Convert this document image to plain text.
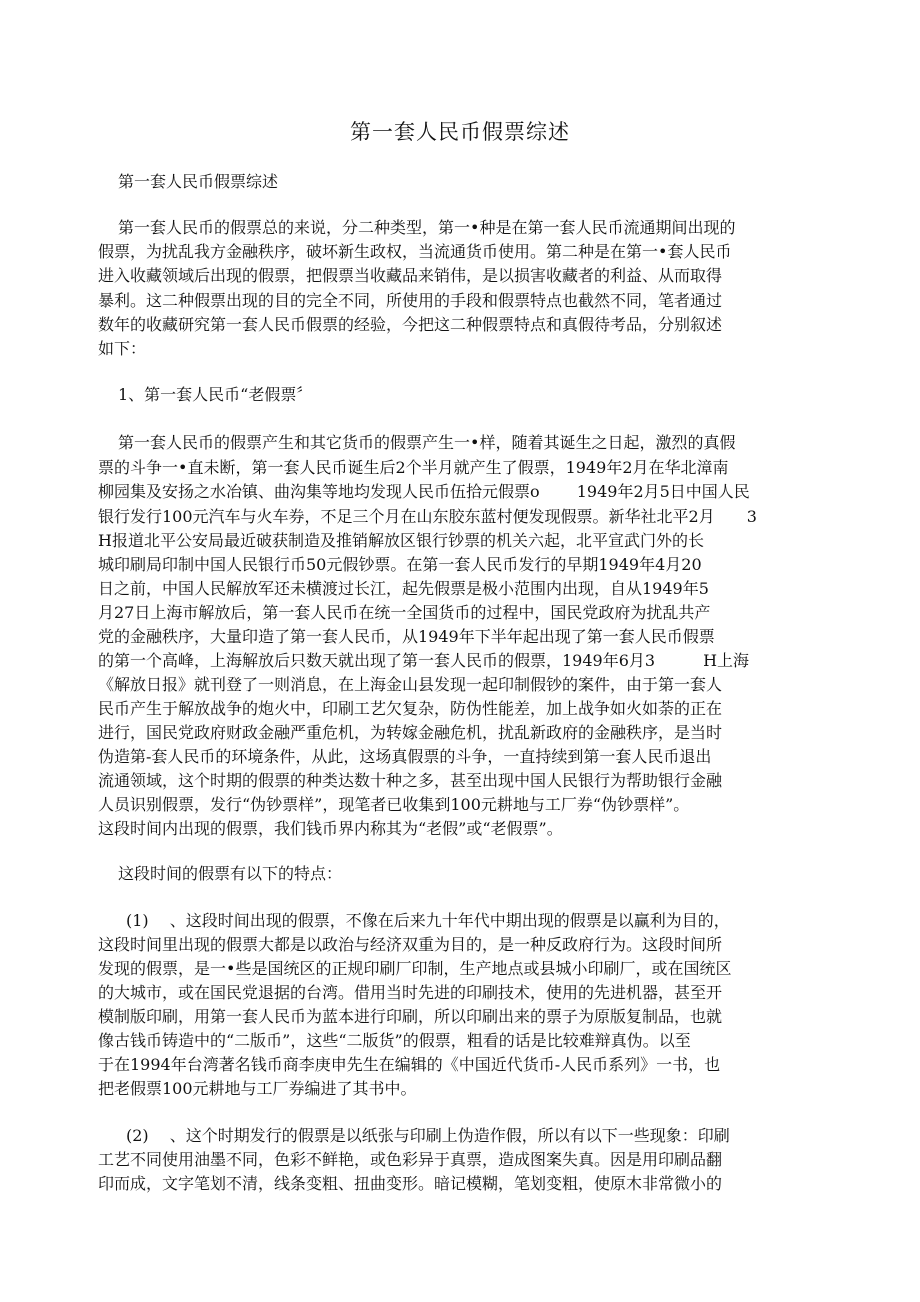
第一套人民币假票综述
第一套人民币假票综述
第一套人民币的假票总的来说，分二种类型，第一•种是在第一套人民币流通期间出现的
假票，为扰乱我方金融秩序，破坏新生政权，当流通货币使用。第二种是在第一•套人民币
进入收藏领域后出现的假票，把假票当收藏品来销伟，是以损害收藏者的利益、从而取得
暴利。这二种假票出现的目的完全不同，所使用的手段和假票特点也截然不同，笔者通过
数年的收藏研究第一套人民币假票的经验，今把这二种假票特点和真假待考品，分别叙述
如下：
1、第一套人民币“老假票〞
第一套人民币的假票产生和其它货币的假票产生一•样，随着其诞生之日起，激烈的真假
票的斗争一•直未断，第一套人民币诞生后2个半月就产生了假票，1949年2月在华北漳南
柳园集及安扬之水冶镇、曲沟集等地均发现人民币伍拾元假票o　　 1949年2月5日中国人民
银行发行100元汽车与火车券，不足三个月在山东胶东蓝村便发现假票。新华社北平2月　　3
H报道北平公安局最近破获制造及推销解放区银行钞票的机关六起，北平宣武门外的长
城印刷局印制中国人民银行币50元假钞票。在第一套人民币发行的早期1949年4月20
日之前，中国人民解放军还未横渡过长江，起先假票是极小范围内出现，自从1949年5
月27日上海市解放后，第一套人民币在统一全国货币的过程中，国民党政府为扰乱共产
党的金融秩序，大量印造了第一套人民币，从1949年下半年起出现了第一套人民币假票
的第一个高峰，上海解放后只数天就出现了第一套人民币的假票，1949年6月3　　　H上海
《解放日报》就刊登了一则消息，在上海金山县发现一起印制假钞的案件，由于第一套人
民币产生于解放战争的炮火中，印刷工艺欠复杂，防伪性能差，加上战争如火如荼的正在
进行，国民党政府财政金融严重危机，为转嫁金融危机，扰乱新政府的金融秩序，是当时
伪造第-套人民币的环境条件，从此，这场真假票的斗争，一直持续到第一套人民币退出
流通领域，这个时期的假票的种类达数十种之多，甚至出现中国人民银行为帮助银行金融
人员识别假票，发行“伪钞票样”，现笔者已收集到100元耕地与工厂券“伪钞票样”。
这段时间内出现的假票，我们钱币界内称其为“老假”或“老假票”。
这段时间的假票有以下的特点：
(1)　 、这段时间出现的假票，不像在后来九十年代中期出现的假票是以赢利为目的，
这段时间里出现的假票大都是以政治与经济双重为目的，是一种反政府行为。这段时间所
发现的假票，是一•些是国统区的正规印刷厂印制，生产地点或县城小印刷厂，或在国统区
的大城市，或在国民党退据的台湾。借用当时先进的印刷技术，使用的先进机器，甚至开
模制版印刷，用第一套人民币为蓝本进行印刷，所以印刷出来的票子为原版复制品，也就
像古钱币铸造中的“二版币”，这些“二版货”的假票，粗看的话是比较难辩真伪。以至
于在1994年台湾著名钱币商李庚申先生在编辑的《中国近代货币-人民币系列》一书，也
把老假票100元耕地与工厂券编进了其书中。
(2)　 、这个时期发行的假票是以纸张与印刷上伪造作假，所以有以下一些现象：印刷
工艺不同使用油墨不同，色彩不鲜艳，或色彩异于真票，造成图案失真。因是用印刷品翻
印而成，文字笔划不清，线条变粗、扭曲变形。暗记模糊，笔划变粗，使原木非常微小的
